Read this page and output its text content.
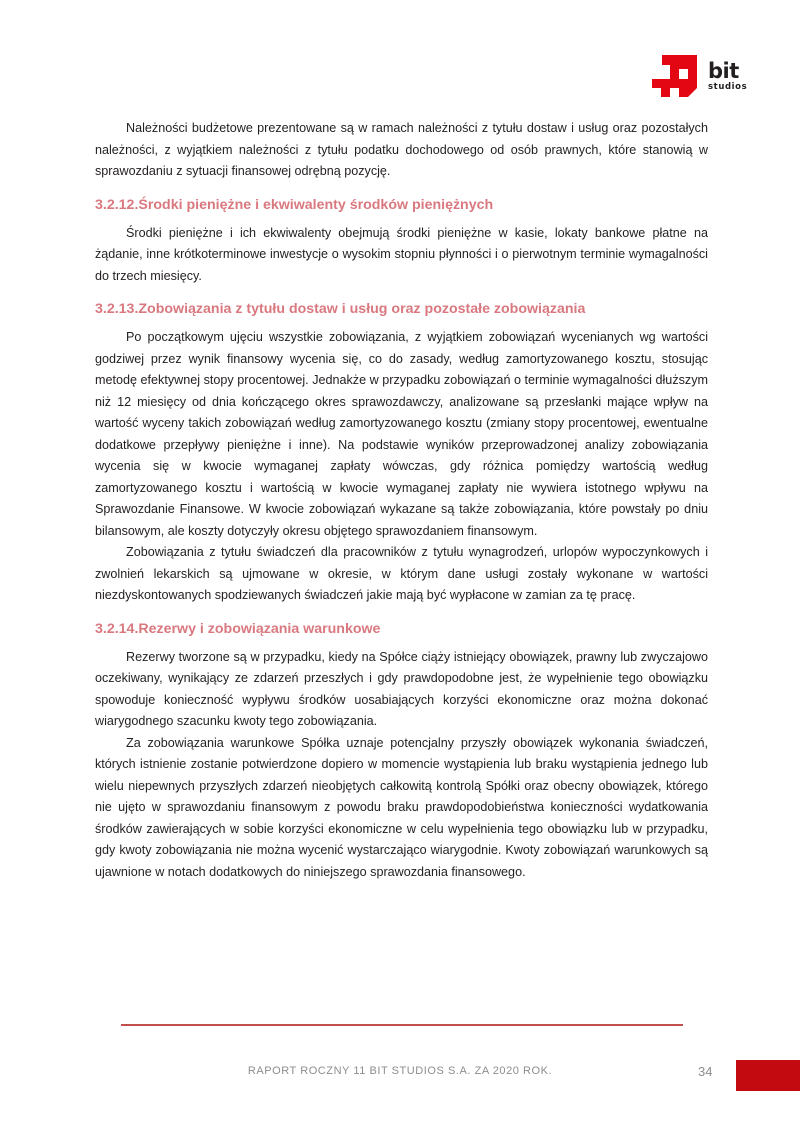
bit
studios

Należności budżetowe prezentowane są w ramach należności z tytułu dostaw i usług oraz pozostałych należności, z wyjątkiem należności z tytułu podatku dochodowego od osób prawnych, które stanowią w sprawozdaniu z sytuacji finansowej odrębną pozycję.

3.2.12.Środki pieniężne i ekwiwalenty środków pieniężnych

Środki pieniężne i ich ekwiwalenty obejmują środki pieniężne w kasie, lokaty bankowe płatne na żądanie, inne krótkoterminowe inwestycje o wysokim stopniu płynności i o pierwotnym terminie wymagalności do trzech miesięcy.

3.2.13.Zobowiązania z tytułu dostaw i usług oraz pozostałe zobowiązania

Po początkowym ujęciu wszystkie zobowiązania, z wyjątkiem zobowiązań wycenianych wg wartości godziwej przez wynik finansowy wycenia się, co do zasady, według zamortyzowanego kosztu, stosując metodę efektywnej stopy procentowej. Jednakże w przypadku zobowiązań o terminie wymagalności dłuższym niż 12 miesięcy od dnia kończącego okres sprawozdawczy, analizowane są przesłanki mające wpływ na wartość wyceny takich zobowiązań według zamortyzowanego kosztu (zmiany stopy procentowej, ewentualne dodatkowe przepływy pieniężne i inne). Na podstawie wyników przeprowadzonej analizy zobowiązania wycenia się w kwocie wymaganej zapłaty wówczas, gdy różnica pomiędzy wartością według zamortyzowanego kosztu i wartością w kwocie wymaganej zapłaty nie wywiera istotnego wpływu na Sprawozdanie Finansowe. W kwocie zobowiązań wykazane są także zobowiązania, które powstały po dniu bilansowym, ale koszty dotyczyły okresu objętego sprawozdaniem finansowym.

Zobowiązania z tytułu świadczeń dla pracowników z tytułu wynagrodzeń, urlopów wypoczynkowych i zwolnień lekarskich są ujmowane w okresie, w którym dane usługi zostały wykonane w wartości niezdyskontowanych spodziewanych świadczeń jakie mają być wypłacone w zamian za tę pracę.

3.2.14.Rezerwy i zobowiązania warunkowe

Rezerwy tworzone są w przypadku, kiedy na Spółce ciąży istniejący obowiązek, prawny lub zwyczajowo oczekiwany, wynikający ze zdarzeń przeszłych i gdy prawdopodobne jest, że wypełnienie tego obowiązku spowoduje konieczność wypływu środków uosabiających korzyści ekonomiczne oraz można dokonać wiarygodnego szacunku kwoty tego zobowiązania.

Za zobowiązania warunkowe Spółka uznaje potencjalny przyszły obowiązek wykonania świadczeń, których istnienie zostanie potwierdzone dopiero w momencie wystąpienia lub braku wystąpienia jednego lub wielu niepewnych przyszłych zdarzeń nieobjętych całkowitą kontrolą Spółki oraz obecny obowiązek, którego nie ujęto w sprawozdaniu finansowym z powodu braku prawdopodobieństwa konieczności wydatkowania środków zawierających w sobie korzyści ekonomiczne w celu wypełnienia tego obowiązku lub w przypadku, gdy kwoty zobowiązania nie można wycenić wystarczająco wiarygodnie. Kwoty zobowiązań warunkowych są ujawnione w notach dodatkowych do niniejszego sprawozdania finansowego.

RAPORT ROCZNY 11 BIT STUDIOS S.A. ZA 2020 ROK.	34
